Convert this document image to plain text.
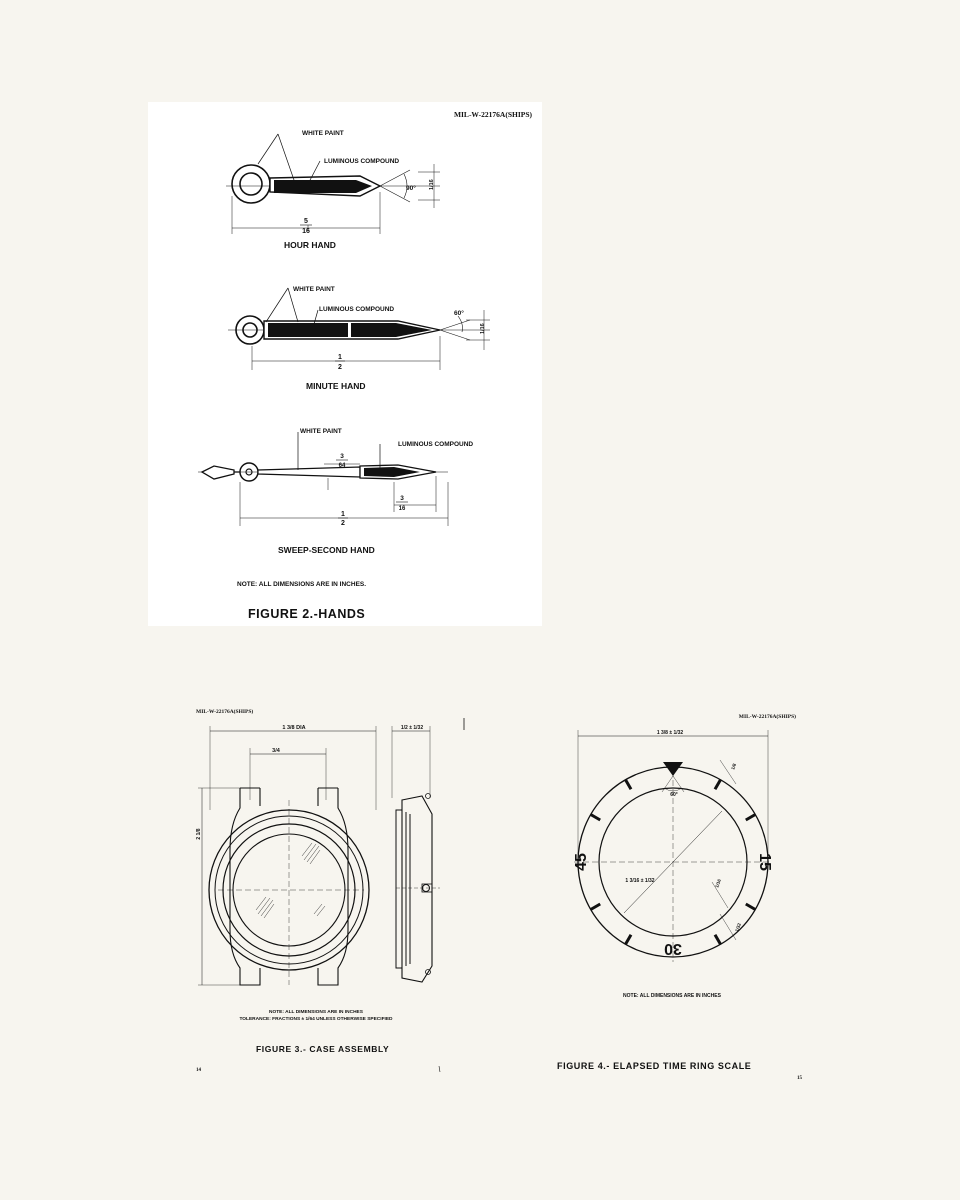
MIL-W-22176A(SHIPS)
WHITE PAINT
LUMINOUS COMPOUND
90° 1/16
5
16
HOUR HAND
WHITE PAINT
LUMINOUS COMPOUND
60°
1/16
1
2
MINUTE HAND
WHITE PAINT
LUMINOUS COMPOUND
3
64
3
16
1
2
SWEEP-SECOND HAND
NOTE: ALL DIMENSIONS ARE IN INCHES.
FIGURE 2.-HANDS
MIL-W-22176A(SHIPS)
1 3/8 DIA
3/4
1/2 ± 1/32
2 1/8
NOTE: ALL DIMENSIONS ARE IN INCHES
TOLERANCE: FRACTIONS ± 1/64 UNLESS OTHERWISE SPECIFIED
FIGURE 3.- CASE ASSEMBLY
14
MIL-W-22176A(SHIPS)
1 3/8 ± 1/32
1 3/16 ± 1/32
60°
45	15
30
1/8
1/16
1/32
NOTE: ALL DIMENSIONS ARE IN INCHES
FIGURE 4.- ELAPSED TIME RING SCALE
15
